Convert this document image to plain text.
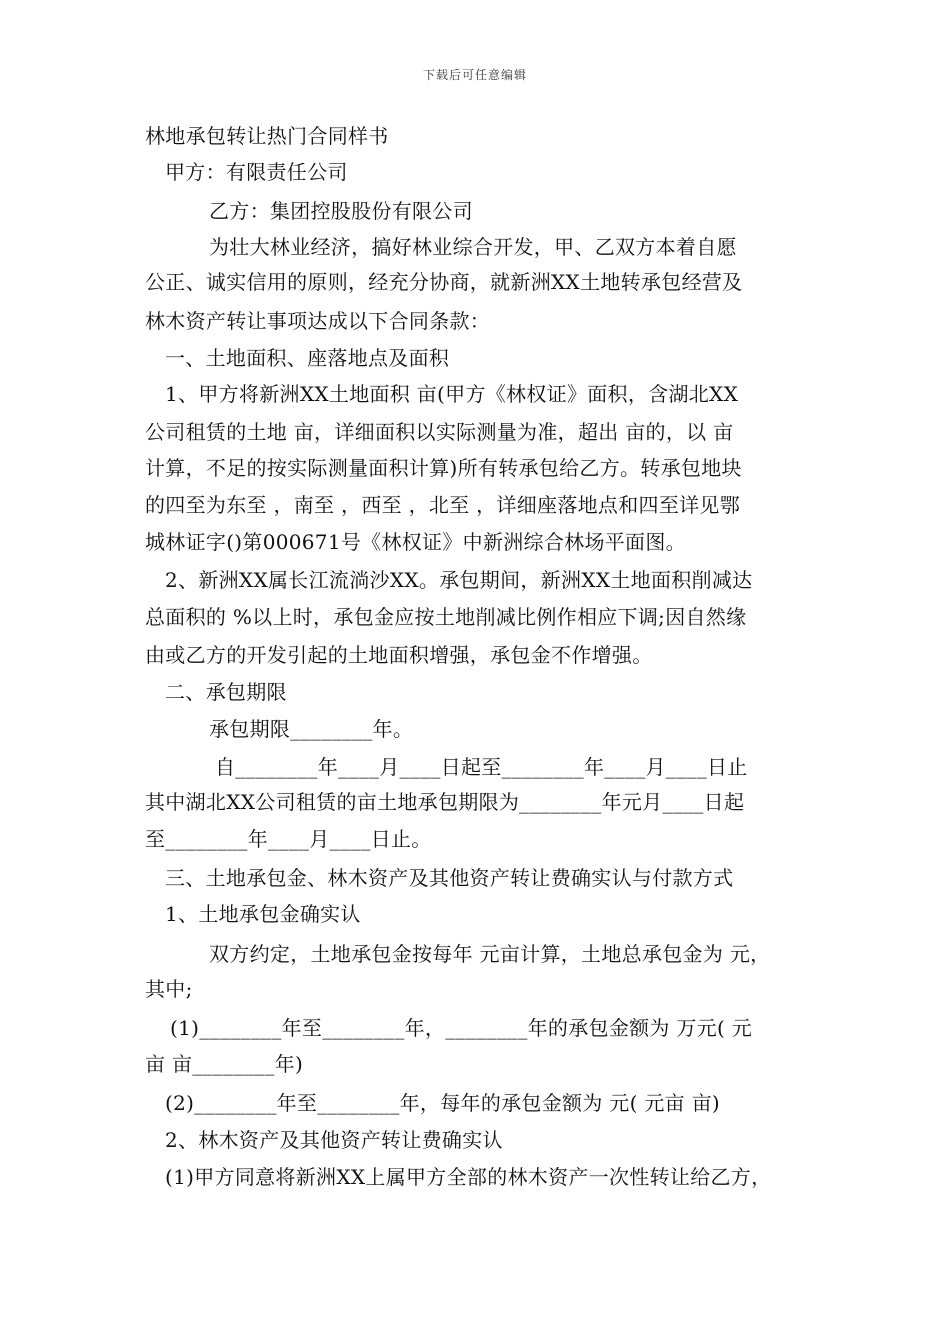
下载后可任意编辑
林地承包转让热门合同样书
甲方：有限责任公司
乙方：集团控股股份有限公司
为壮大林业经济，搞好林业综合开发，甲、乙双方本着自愿
公正、诚实信用的原则，经充分协商，就新洲XX土地转承包经营及
林木资产转让事项达成以下合同条款：
一、土地面积、座落地点及面积
1、甲方将新洲XX土地面积 亩(甲方《林权证》面积，含湖北XX
公司租赁的土地 亩，详细面积以实际测量为准，超出 亩的，以 亩
计算，不足的按实际测量面积计算)所有转承包给乙方。转承包地块
的四至为东至 ，南至 ，西至 ，北至 ，详细座落地点和四至详见鄂
城林证字()第000671号《林权证》中新洲综合林场平面图。
2、新洲XX属长江流淌沙XX。承包期间，新洲XX土地面积削减达
总面积的 %以上时，承包金应按土地削减比例作相应下调;因自然缘
由或乙方的开发引起的土地面积增强，承包金不作增强。
二、承包期限
承包期限________年。
自________年____月____日起至________年____月____日止
其中湖北XX公司租赁的亩土地承包期限为________年元月____日起
至________年____月____日止。
三、土地承包金、林木资产及其他资产转让费确实认与付款方式
1、土地承包金确实认
双方约定，土地承包金按每年 元亩计算，土地总承包金为 元，
其中;
(1)________年至________年，________年的承包金额为 万元( 元
亩 亩________年)
(2)________年至________年，每年的承包金额为 元( 元亩 亩)
2、林木资产及其他资产转让费确实认
(1)甲方同意将新洲XX上属甲方全部的林木资产一次性转让给乙方，
